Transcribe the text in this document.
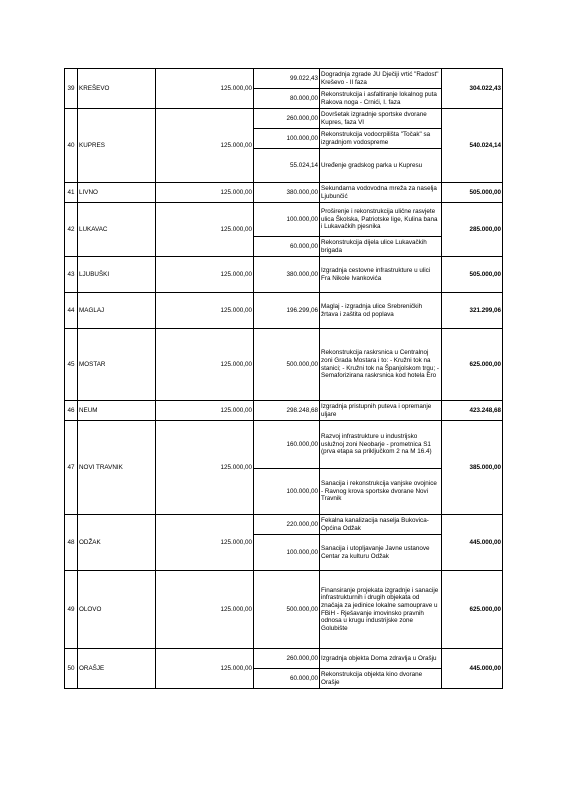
39	KREŠEVO	125.000,00	99.022,43	Dogradnja zgrade JU Dječiji vrtić "Radost" Kreševo - II faza	304.022,43
			80.000,00	Rekonstrukcija i asfaltiranje lokalnog puta Rakova noga - Crnići, I. faza	
40	KUPRES	125.000,00	260.000,00	Dovršetak izgradnje sportske dvorane Kupres, faza VI	540.024,14
			100.000,00	Rekonstrukcija vodocrpilišta "Točak" sa izgradnjom vodospreme	
			55.024,14	Uređenje gradskog parka u Kupresu	
41	LIVNO	125.000,00	380.000,00	Sekundarna vodovodna mreža za naselja Ljubunčić	505.000,00
42	LUKAVAC	125.000,00	100.000,00	Proširenje i rekonstrukcija ulične rasvjete ulica Školska, Patriotske lige, Kulina bana i Lukavačkih pjesnika	285.000,00
			60.000,00	Rekonstrukcija dijela ulice Lukavačkih brigada	
43	LJUBUŠKI	125.000,00	380.000,00	Izgradnja cestovne infrastrukture u ulici Fra Nikole Ivankovića	505.000,00
44	MAGLAJ	125.000,00	196.299,06	Maglaj - izgradnja ulice Srebreničkih žrtava i zaštita od poplava	321.299,06
45	MOSTAR	125.000,00	500.000,00	Rekonstrukcija raskrsnica u Centralnoj zoni Grada Mostara i to: - Kružni tok na stanici; - Kružni tok na Španjolskom trgu; - Semaforizirana raskrsnica kod hotela Ero	625.000,00
46	NEUM	125.000,00	298.248,68	Izgradnja pristupnih puteva i opremanje uljare	423.248,68
47	NOVI TRAVNIK	125.000,00	160.000,00	Razvoj infrastrukture u industrijsko uslužnoj zoni Neobarje - prometnica S1 (prva etapa sa priključkom 2 na M 16.4)	385.000,00
			100.000,00	Sanacija i rekonstrukcija vanjske ovojnice - Ravnog krova sportske dvorane Novi Travnik	
48	ODŽAK	125.000,00	220.000,00	Fekalna kanalizacija naselja Bukovica-Općina Odžak	445.000,00
			100.000,00	Sanacija i utopljavanje Javne ustanove Centar za kulturu Odžak	
49	OLOVO	125.000,00	500.000,00	Finansiranje projekata izgradnje i sanacije infrastrukturnih i drugih objekata od značaja za jedinice lokalne samouprave u FBiH - Rješavanje imovinsko pravnih odnosa u krugu industrijske zone Golubište	625.000,00
50	ORAŠJE	125.000,00	260.000,00	Izgradnja objekta Doma zdravlja u Orašju	445.000,00
			60.000,00	Rekonstrukcija objekta kino dvorane Orašje	
